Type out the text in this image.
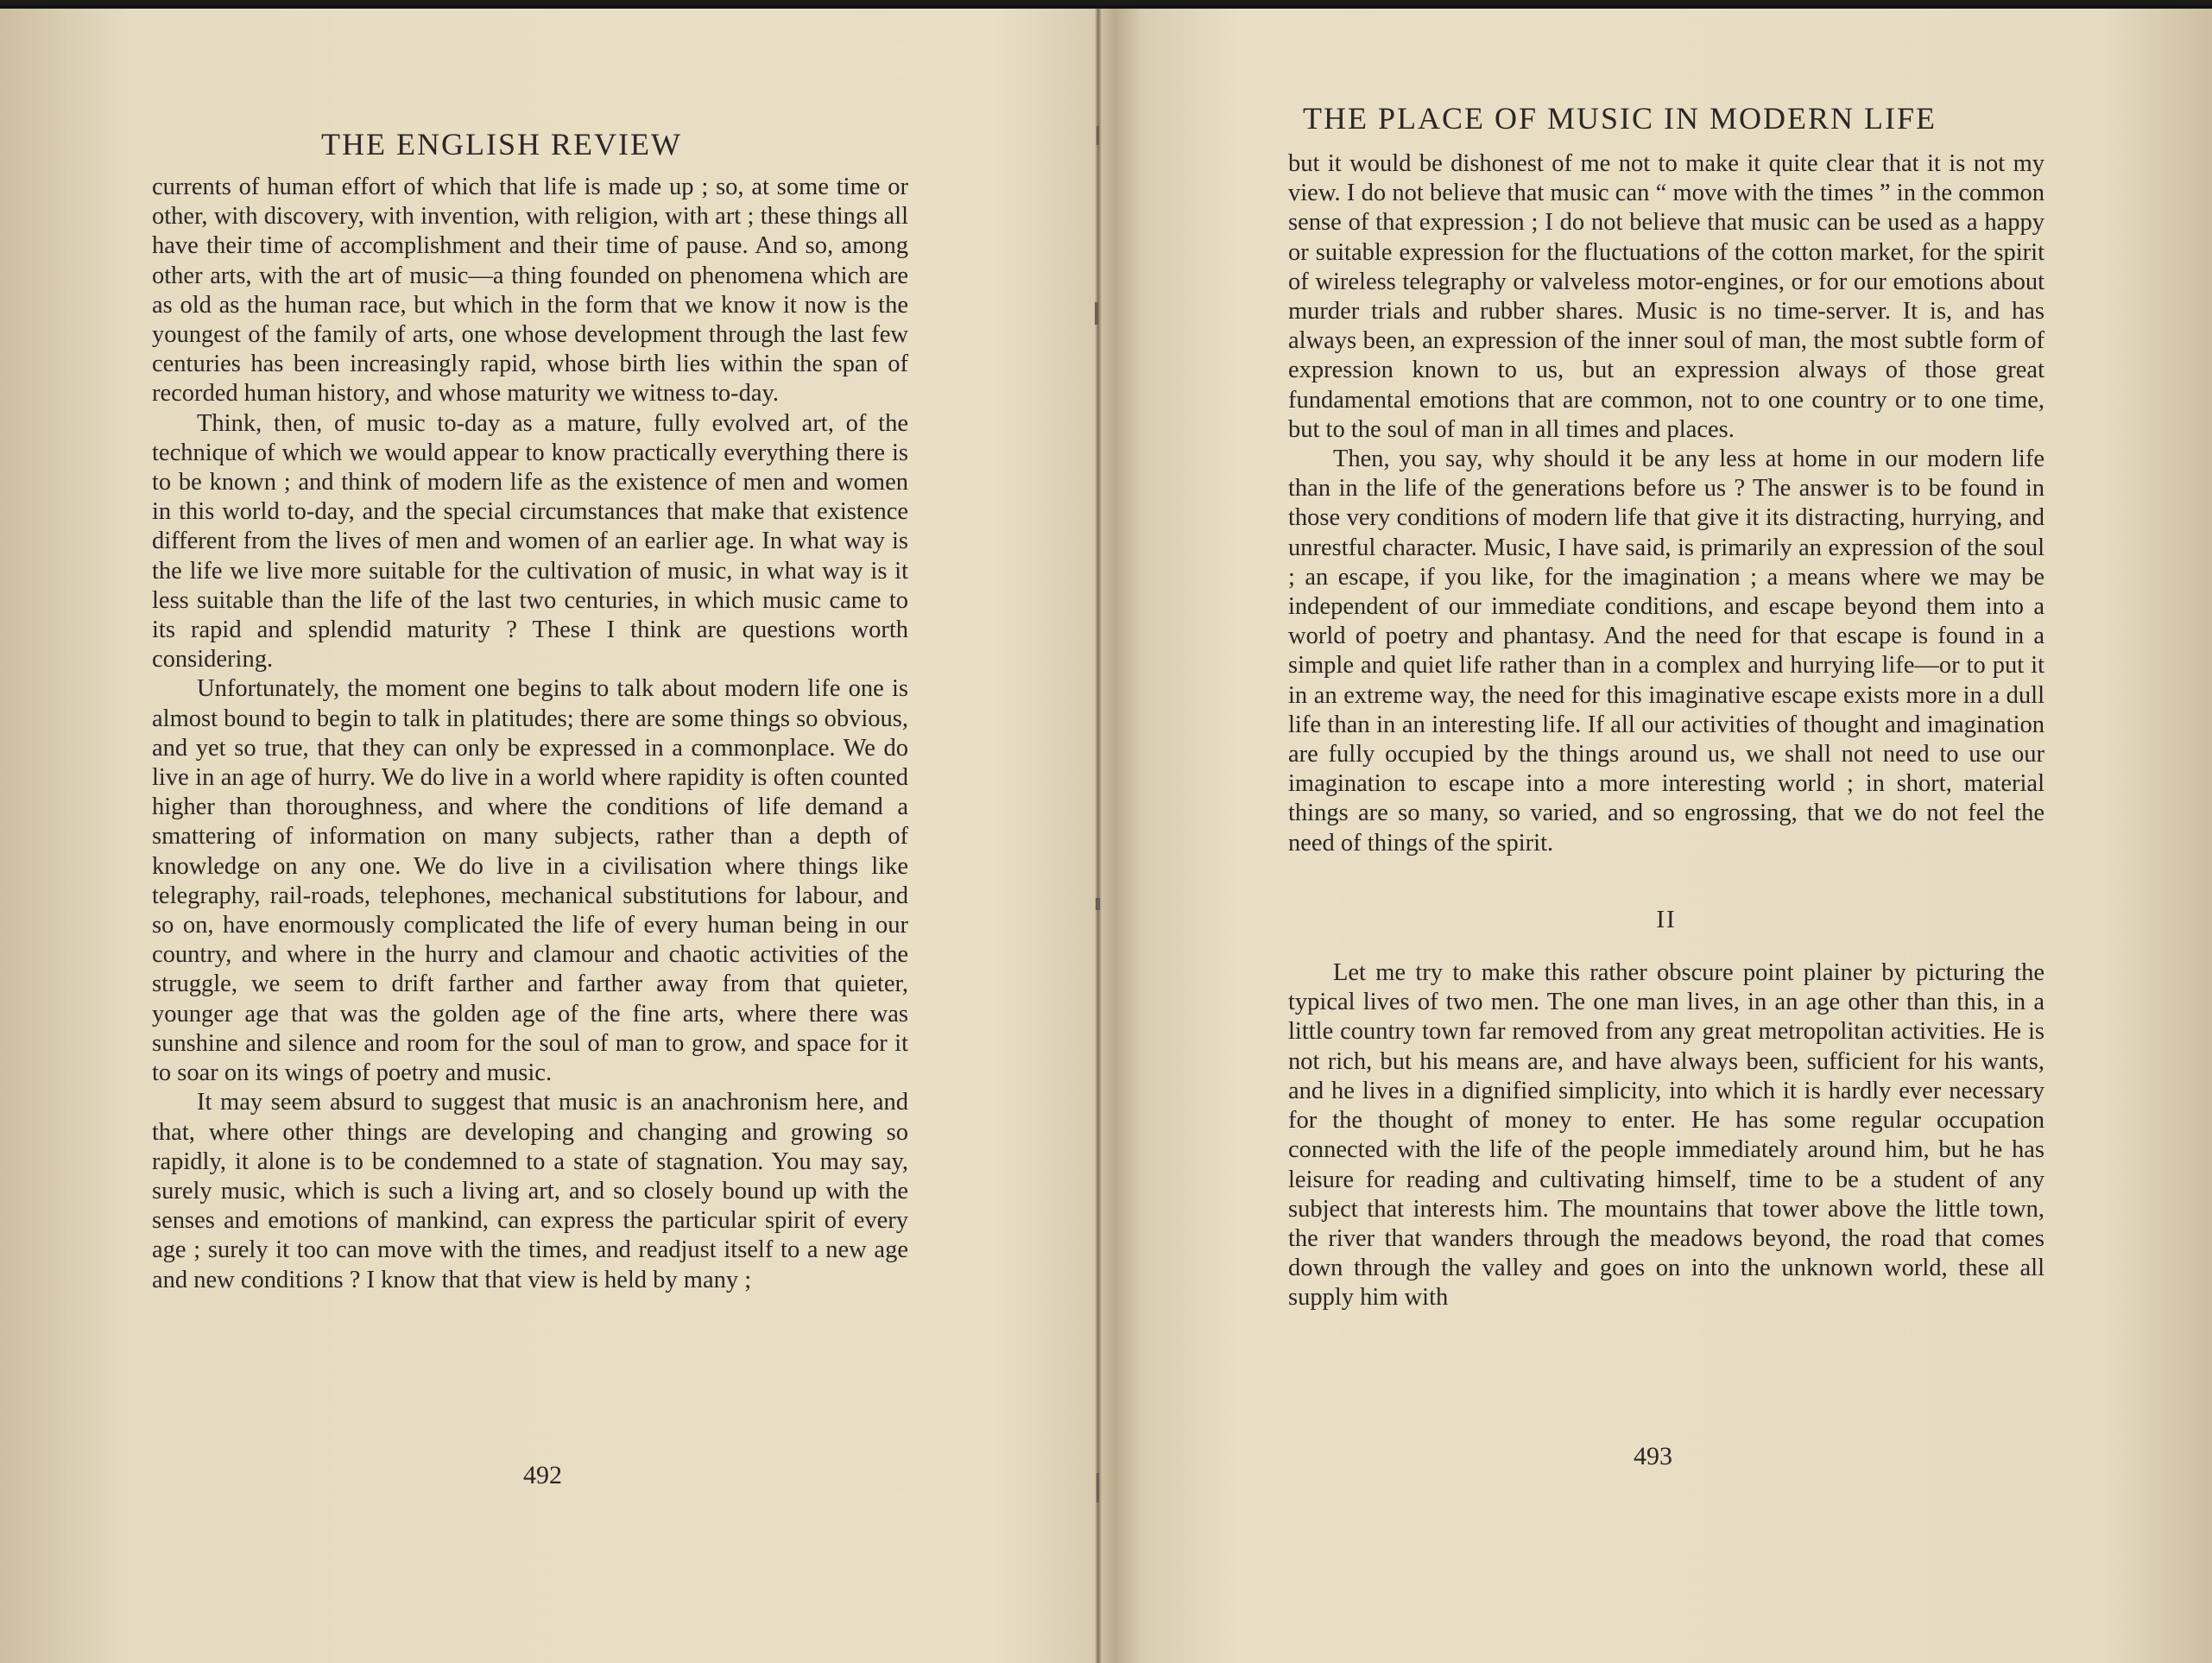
THE ENGLISH REVIEW

currents of human effort of which that life is made up ; so, at some time or other, with discovery, with invention, with religion, with art ; these things all have their time of accomplishment and their time of pause. And so, among other arts, with the art of music—a thing founded on phenomena which are as old as the human race, but which in the form that we know it now is the youngest of the family of arts, one whose development through the last few centuries has been increasingly rapid, whose birth lies within the span of recorded human history, and whose maturity we witness to-day.

Think, then, of music to-day as a mature, fully evolved art, of the technique of which we would appear to know practically everything there is to be known ; and think of modern life as the existence of men and women in this world to-day, and the special circumstances that make that existence different from the lives of men and women of an earlier age. In what way is the life we live more suitable for the cultivation of music, in what way is it less suitable than the life of the last two centuries, in which music came to its rapid and splendid maturity ? These I think are questions worth considering.

Unfortunately, the moment one begins to talk about modern life one is almost bound to begin to talk in platitudes; there are some things so obvious, and yet so true, that they can only be expressed in a commonplace. We do live in an age of hurry. We do live in a world where rapidity is often counted higher than thoroughness, and where the conditions of life demand a smattering of information on many subjects, rather than a depth of knowledge on any one. We do live in a civilisation where things like telegraphy, rail-roads, telephones, mechanical substitutions for labour, and so on, have enormously complicated the life of every human being in our country, and where in the hurry and clamour and chaotic activities of the struggle, we seem to drift farther and farther away from that quieter, younger age that was the golden age of the fine arts, where there was sunshine and silence and room for the soul of man to grow, and space for it to soar on its wings of poetry and music.

It may seem absurd to suggest that music is an anachronism here, and that, where other things are developing and changing and growing so rapidly, it alone is to be condemned to a state of stagnation. You may say, surely music, which is such a living art, and so closely bound up with the senses and emotions of mankind, can express the particular spirit of every age ; surely it too can move with the times, and readjust itself to a new age and new conditions ? I know that that view is held by many ;

492
THE PLACE OF MUSIC IN MODERN LIFE

but it would be dishonest of me not to make it quite clear that it is not my view. I do not believe that music can “ move with the times ” in the common sense of that expression ; I do not believe that music can be used as a happy or suitable expression for the fluctuations of the cotton market, for the spirit of wireless telegraphy or valveless motor-engines, or for our emotions about murder trials and rubber shares. Music is no time-server. It is, and has always been, an expression of the inner soul of man, the most subtle form of expression known to us, but an expression always of those great fundamental emotions that are common, not to one country or to one time, but to the soul of man in all times and places.

Then, you say, why should it be any less at home in our modern life than in the life of the generations before us ? The answer is to be found in those very conditions of modern life that give it its distracting, hurrying, and unrestful character. Music, I have said, is primarily an expression of the soul ; an escape, if you like, for the imagination ; a means where we may be independent of our immediate conditions, and escape beyond them into a world of poetry and phantasy. And the need for that escape is found in a simple and quiet life rather than in a complex and hurrying life—or to put it in an extreme way, the need for this imaginative escape exists more in a dull life than in an interesting life. If all our activities of thought and imagination are fully occupied by the things around us, we shall not need to use our imagination to escape into a more interesting world ; in short, material things are so many, so varied, and so engrossing, that we do not feel the need of things of the spirit.

II

Let me try to make this rather obscure point plainer by picturing the typical lives of two men. The one man lives, in an age other than this, in a little country town far removed from any great metropolitan activities. He is not rich, but his means are, and have always been, sufficient for his wants, and he lives in a dignified simplicity, into which it is hardly ever necessary for the thought of money to enter. He has some regular occupation connected with the life of the people immediately around him, but he has leisure for reading and cultivating himself, time to be a student of any subject that interests him. The mountains that tower above the little town, the river that wanders through the meadows beyond, the road that comes down through the valley and goes on into the unknown world, these all supply him with

493
